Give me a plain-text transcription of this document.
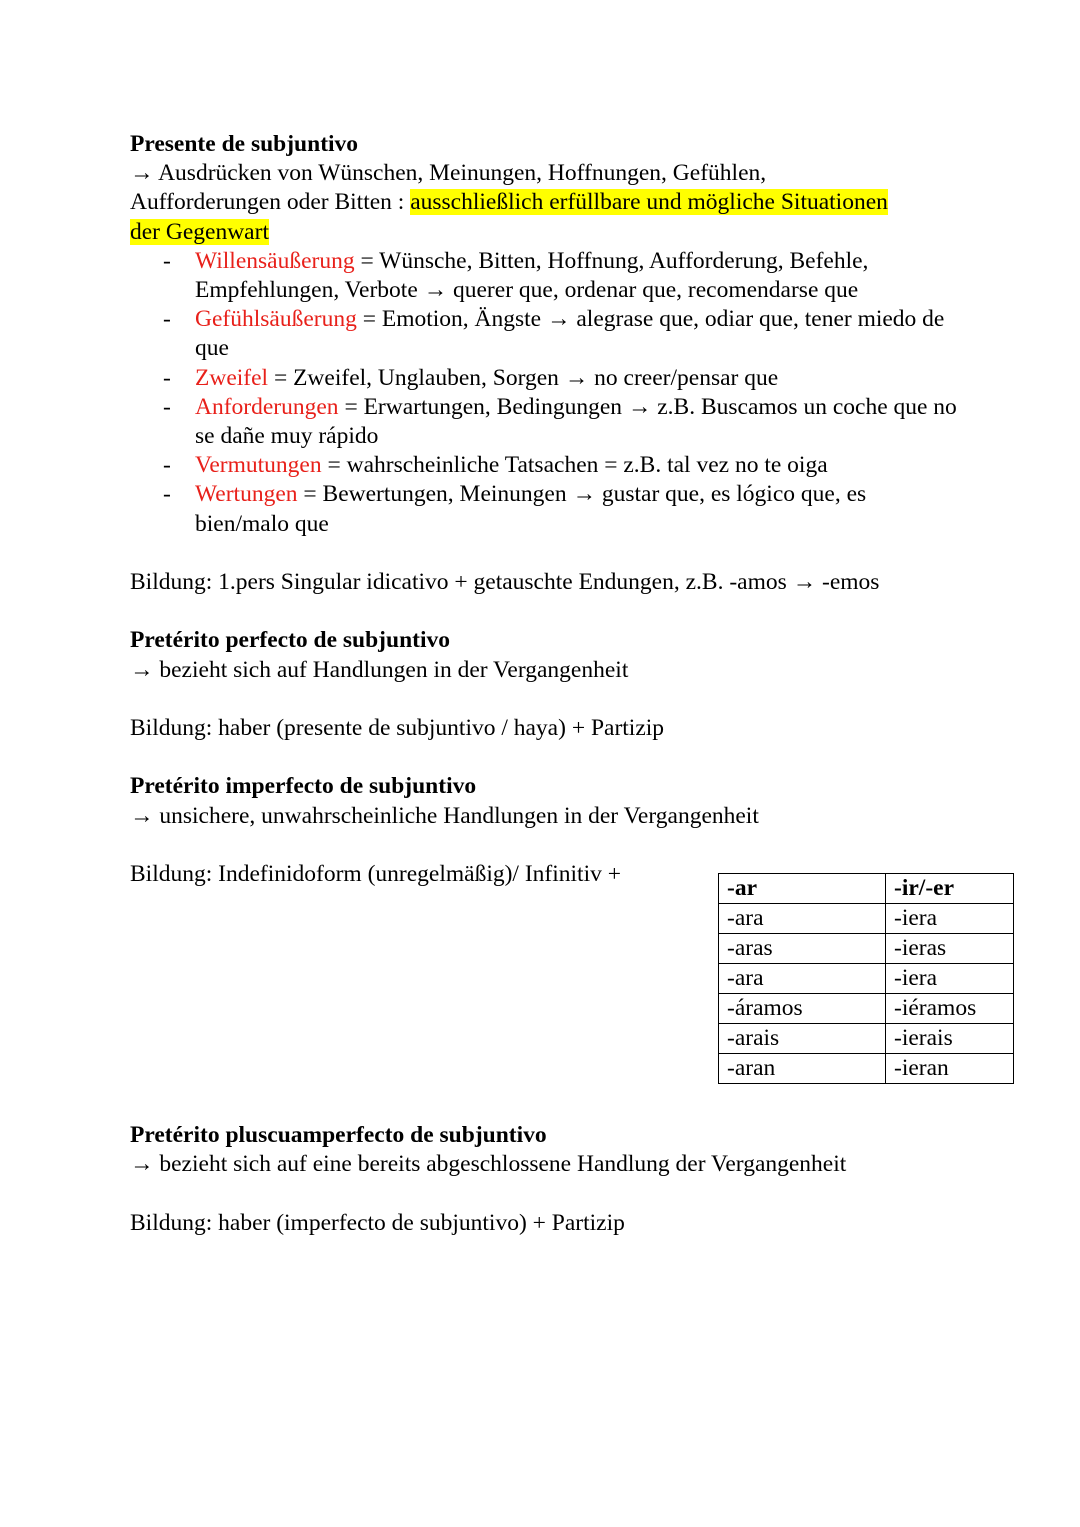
Presente de subjuntivo
→ Ausdrücken von Wünschen, Meinungen, Hoffnungen, Gefühlen,
Aufforderungen oder Bitten : ausschließlich erfüllbare und mögliche Situationen
der Gegenwart
- Willensäußerung = Wünsche, Bitten, Hoffnung, Aufforderung, Befehle, Empfehlungen, Verbote → querer que, ordenar que, recomendarse que
- Gefühlsäußerung = Emotion, Ängste → alegrase que, odiar que, tener miedo de que
- Zweifel = Zweifel, Unglauben, Sorgen → no creer/pensar que
- Anforderungen = Erwartungen, Bedingungen → z.B. Buscamos un coche que no se dañe muy rápido
- Vermutungen = wahrscheinliche Tatsachen = z.B. tal vez no te oiga
- Wertungen = Bewertungen, Meinungen → gustar que, es lógico que, es bien/malo que
Bildung: 1.pers Singular idicativo + getauschte Endungen, z.B. -amos → -emos
Pretérito perfecto de subjuntivo
→ bezieht sich auf Handlungen in der Vergangenheit
Bildung: haber (presente de subjuntivo / haya) + Partizip
Pretérito imperfecto de subjuntivo
→ unsichere, unwahrscheinliche Handlungen in der Vergangenheit
Bildung: Indefinidoform (unregelmäßig)/ Infinitiv +
-ar	-ir/-er
-ara	-iera
-aras	-ieras
-ara	-iera
-áramos	-iéramos
-arais	-ierais
-aran	-ieran
Pretérito pluscuamperfecto de subjuntivo
→ bezieht sich auf eine bereits abgeschlossene Handlung der Vergangenheit
Bildung: haber (imperfecto de subjuntivo) + Partizip
